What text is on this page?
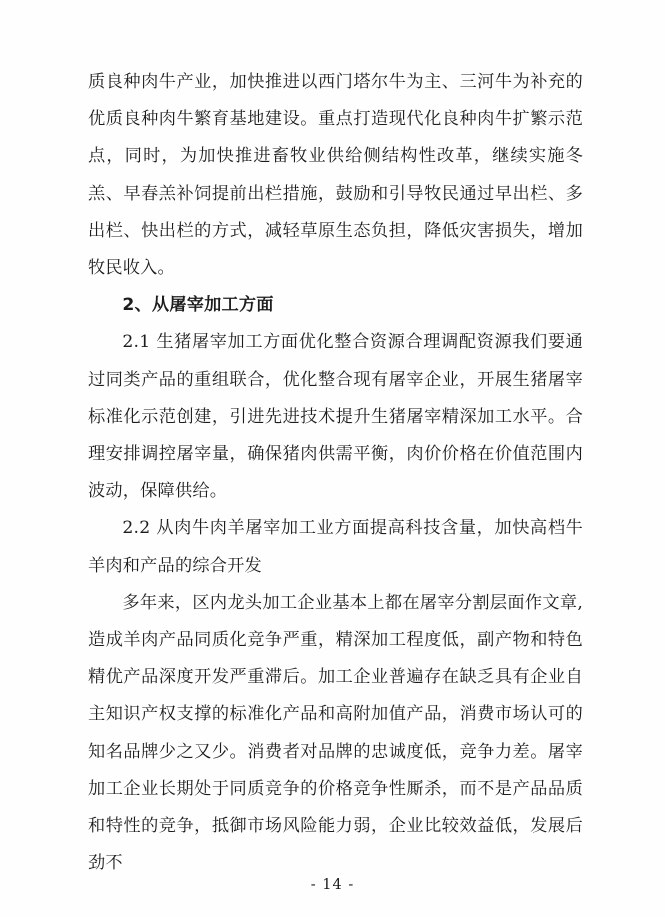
质良种肉牛产业，加快推进以西门塔尔牛为主、三河牛为补充的优质良种肉牛繁育基地建设。重点打造现代化良种肉牛扩繁示范点，同时，为加快推进畜牧业供给侧结构性改革，继续实施冬羔、早春羔补饲提前出栏措施，鼓励和引导牧民通过早出栏、多出栏、快出栏的方式，减轻草原生态负担，降低灾害损失，增加牧民收入。

2、从屠宰加工方面

2.1 生猪屠宰加工方面优化整合资源合理调配资源我们要通过同类产品的重组联合，优化整合现有屠宰企业，开展生猪屠宰标准化示范创建，引进先进技术提升生猪屠宰精深加工水平。合理安排调控屠宰量，确保猪肉供需平衡，肉价价格在价值范围内波动，保障供给。

2.2 从肉牛肉羊屠宰加工业方面提高科技含量，加快高档牛羊肉和产品的综合开发

多年来，区内龙头加工企业基本上都在屠宰分割层面作文章,造成羊肉产品同质化竞争严重，精深加工程度低，副产物和特色精优产品深度开发严重滞后。加工企业普遍存在缺乏具有企业自主知识产权支撑的标准化产品和高附加值产品，消费市场认可的知名品牌少之又少。消费者对品牌的忠诚度低，竞争力差。屠宰加工企业长期处于同质竞争的价格竞争性厮杀，而不是产品品质和特性的竞争，抵御市场风险能力弱，企业比较效益低，发展后劲不

- 14 -
